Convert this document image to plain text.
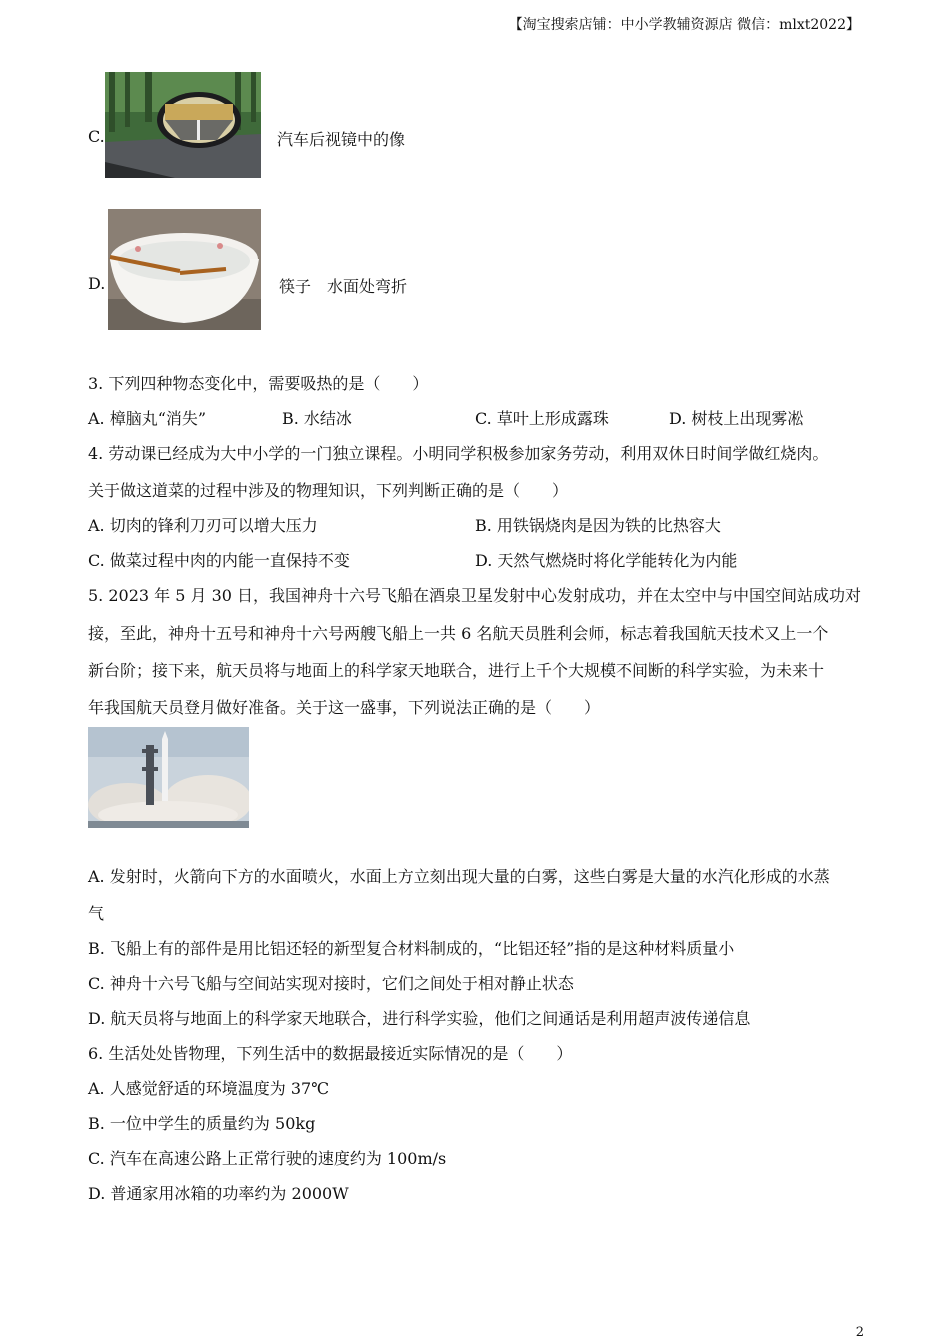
【淘宝搜索店铺：中小学教辅资源店 微信：mlxt2022】
C.	汽车后视镜中的像
D.	筷子　水面处弯折
3. 下列四种物态变化中，需要吸热的是（　　）
A. 樟脑丸“消失”	B. 水结冰	C. 草叶上形成露珠	D. 树枝上出现雾凇
4. 劳动课已经成为大中小学的一门独立课程。小明同学积极参加家务劳动，利用双休日时间学做红烧肉。
关于做这道菜的过程中涉及的物理知识，下列判断正确的是（　　）
A. 切肉的锋利刀刃可以增大压力	B. 用铁锅烧肉是因为铁的比热容大
C. 做菜过程中肉的内能一直保持不变	D. 天然气燃烧时将化学能转化为内能
5. 2023 年 5 月 30 日，我国神舟十六号飞船在酒泉卫星发射中心发射成功，并在太空中与中国空间站成功对
接，至此，神舟十五号和神舟十六号两艘飞船上一共 6 名航天员胜利会师，标志着我国航天技术又上一个
新台阶；接下来，航天员将与地面上的科学家天地联合，进行上千个大规模不间断的科学实验，为未来十
年我国航天员登月做好准备。关于这一盛事，下列说法正确的是（　　）
A. 发射时，火箭向下方的水面喷火，水面上方立刻出现大量的白雾，这些白雾是大量的水汽化形成的水蒸
气
B. 飞船上有的部件是用比铝还轻的新型复合材料制成的，“比铝还轻”指的是这种材料质量小
C. 神舟十六号飞船与空间站实现对接时，它们之间处于相对静止状态
D. 航天员将与地面上的科学家天地联合，进行科学实验，他们之间通话是利用超声波传递信息
6. 生活处处皆物理，下列生活中的数据最接近实际情况的是（　　）
A. 人感觉舒适的环境温度为 37℃
B. 一位中学生的质量约为 50kg
C. 汽车在高速公路上正常行驶的速度约为 100m/s
D. 普通家用冰箱的功率约为 2000W
2
